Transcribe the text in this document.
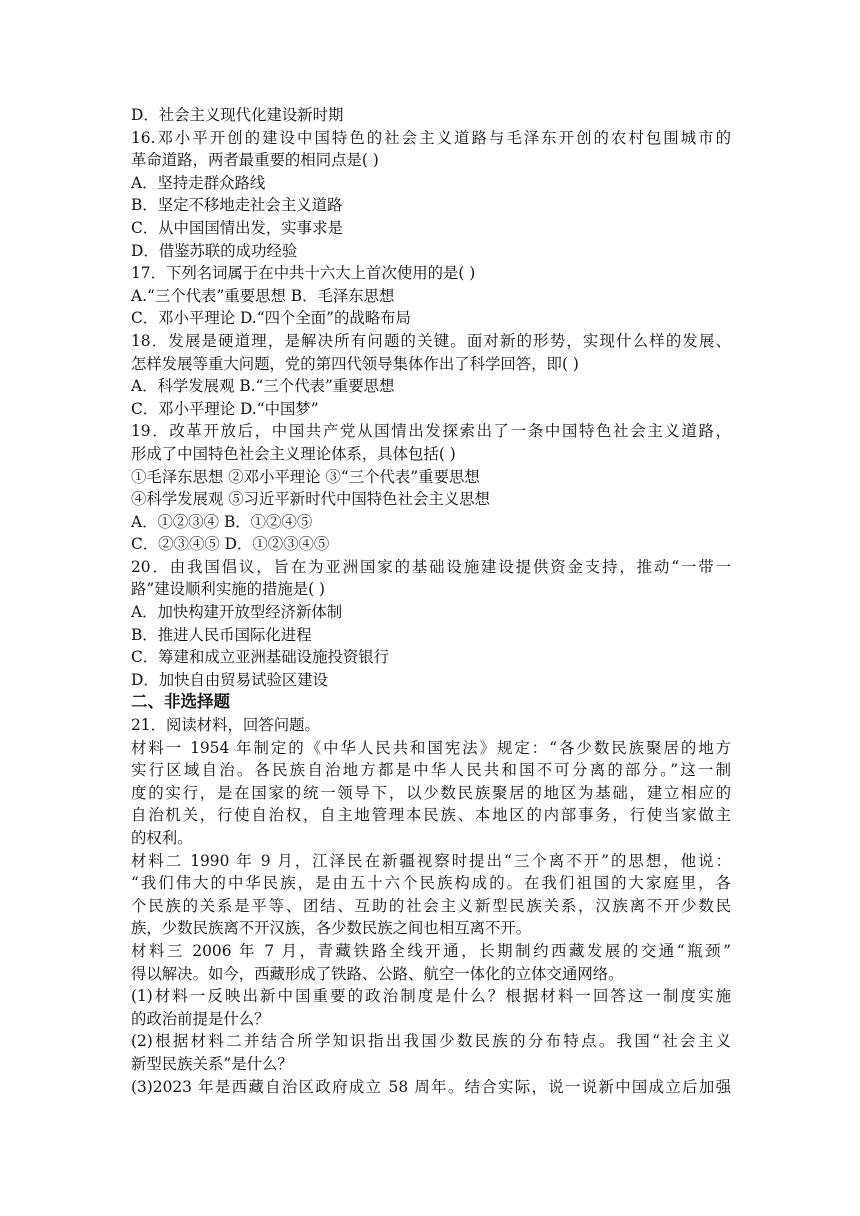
D．社会主义现代化建设新时期
16.邓小平开创的建设中国特色的社会主义道路与毛泽东开创的农村包围城市的
革命道路，两者最重要的相同点是( )
A．坚持走群众路线
B．坚定不移地走社会主义道路
C．从中国国情出发，实事求是
D．借鉴苏联的成功经验
17．下列名词属于在中共十六大上首次使用的是( )
A.“三个代表”重要思想 B．毛泽东思想
C．邓小平理论 D.“四个全面”的战略布局
18．发展是硬道理，是解决所有问题的关键。面对新的形势，实现什么样的发展、
怎样发展等重大问题，党的第四代领导集体作出了科学回答，即( )
A．科学发展观 B.“三个代表”重要思想
C．邓小平理论 D.“中国梦”
19．改革开放后，中国共产党从国情出发探索出了一条中国特色社会主义道路，
形成了中国特色社会主义理论体系，具体包括( )
①毛泽东思想 ②邓小平理论 ③“三个代表”重要思想
④科学发展观 ⑤习近平新时代中国特色社会主义思想
A．①②③④ B．①②④⑤
C．②③④⑤ D．①②③④⑤
20．由我国倡议，旨在为亚洲国家的基础设施建设提供资金支持，推动“一带一
路”建设顺利实施的措施是( )
A．加快构建开放型经济新体制
B．推进人民币国际化进程
C．筹建和成立亚洲基础设施投资银行
D．加快自由贸易试验区建设
二、非选择题
21．阅读材料，回答问题。
材料一 1954 年制定的《中华人民共和国宪法》规定：“各少数民族聚居的地方
实行区域自治。各民族自治地方都是中华人民共和国不可分离的部分。”这一制
度的实行，是在国家的统一领导下，以少数民族聚居的地区为基础，建立相应的
自治机关，行使自治权，自主地管理本民族、本地区的内部事务，行使当家做主
的权利。
材料二 1990 年 9 月，江泽民在新疆视察时提出“三个离不开”的思想，他说：
“我们伟大的中华民族，是由五十六个民族构成的。在我们祖国的大家庭里，各
个民族的关系是平等、团结、互助的社会主义新型民族关系，汉族离不开少数民
族，少数民族离不开汉族，各少数民族之间也相互离不开。
材料三 2006 年 7 月，青藏铁路全线开通，长期制约西藏发展的交通“瓶颈”
得以解决。如今，西藏形成了铁路、公路、航空一体化的立体交通网络。
(1)材料一反映出新中国重要的政治制度是什么？根据材料一回答这一制度实施
的政治前提是什么？
(2)根据材料二并结合所学知识指出我国少数民族的分布特点。我国“社会主义
新型民族关系”是什么？
(3)2023 年是西藏自治区政府成立 58 周年。结合实际，说一说新中国成立后加强
